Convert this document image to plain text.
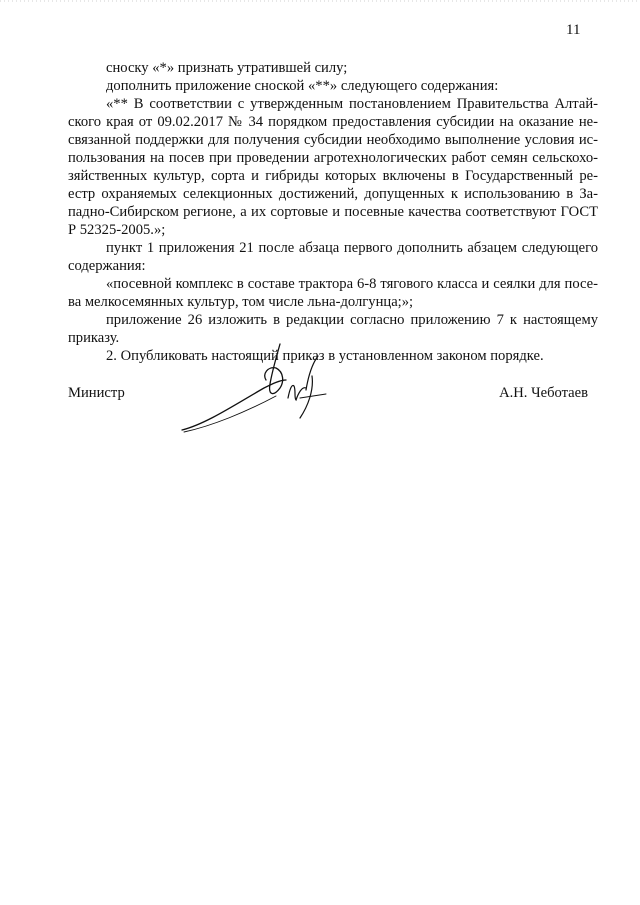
11
сноску «*» признать утратившей силу;
дополнить приложение сноской «**» следующего содержания:
«** В соответствии с утвержденным постановлением Правительства Алтай-
ского края от 09.02.2017 № 34 порядком предоставления субсидии на оказание не-
связанной поддержки для получения субсидии необходимо выполнение условия ис-
пользования на посев при проведении агротехнологических работ семян сельскохо-
зяйственных культур, сорта и гибриды которых включены в Государственный ре-
естр охраняемых селекционных достижений, допущенных к использованию в За-
падно-Сибирском регионе, а их сортовые и посевные качества соответствуют ГОСТ
Р 52325-2005.»;
пункт 1 приложения 21 после абзаца первого дополнить абзацем следующего
содержания:
«посевной комплекс в составе трактора 6-8 тягового класса и сеялки для посе-
ва мелкосемянных культур, том числе льна-долгунца;»;
приложение 26 изложить в редакции согласно приложению 7 к настоящему
приказу.
2. Опубликовать настоящий приказ в установленном законом порядке.
Министр	А.Н. Чеботаев
